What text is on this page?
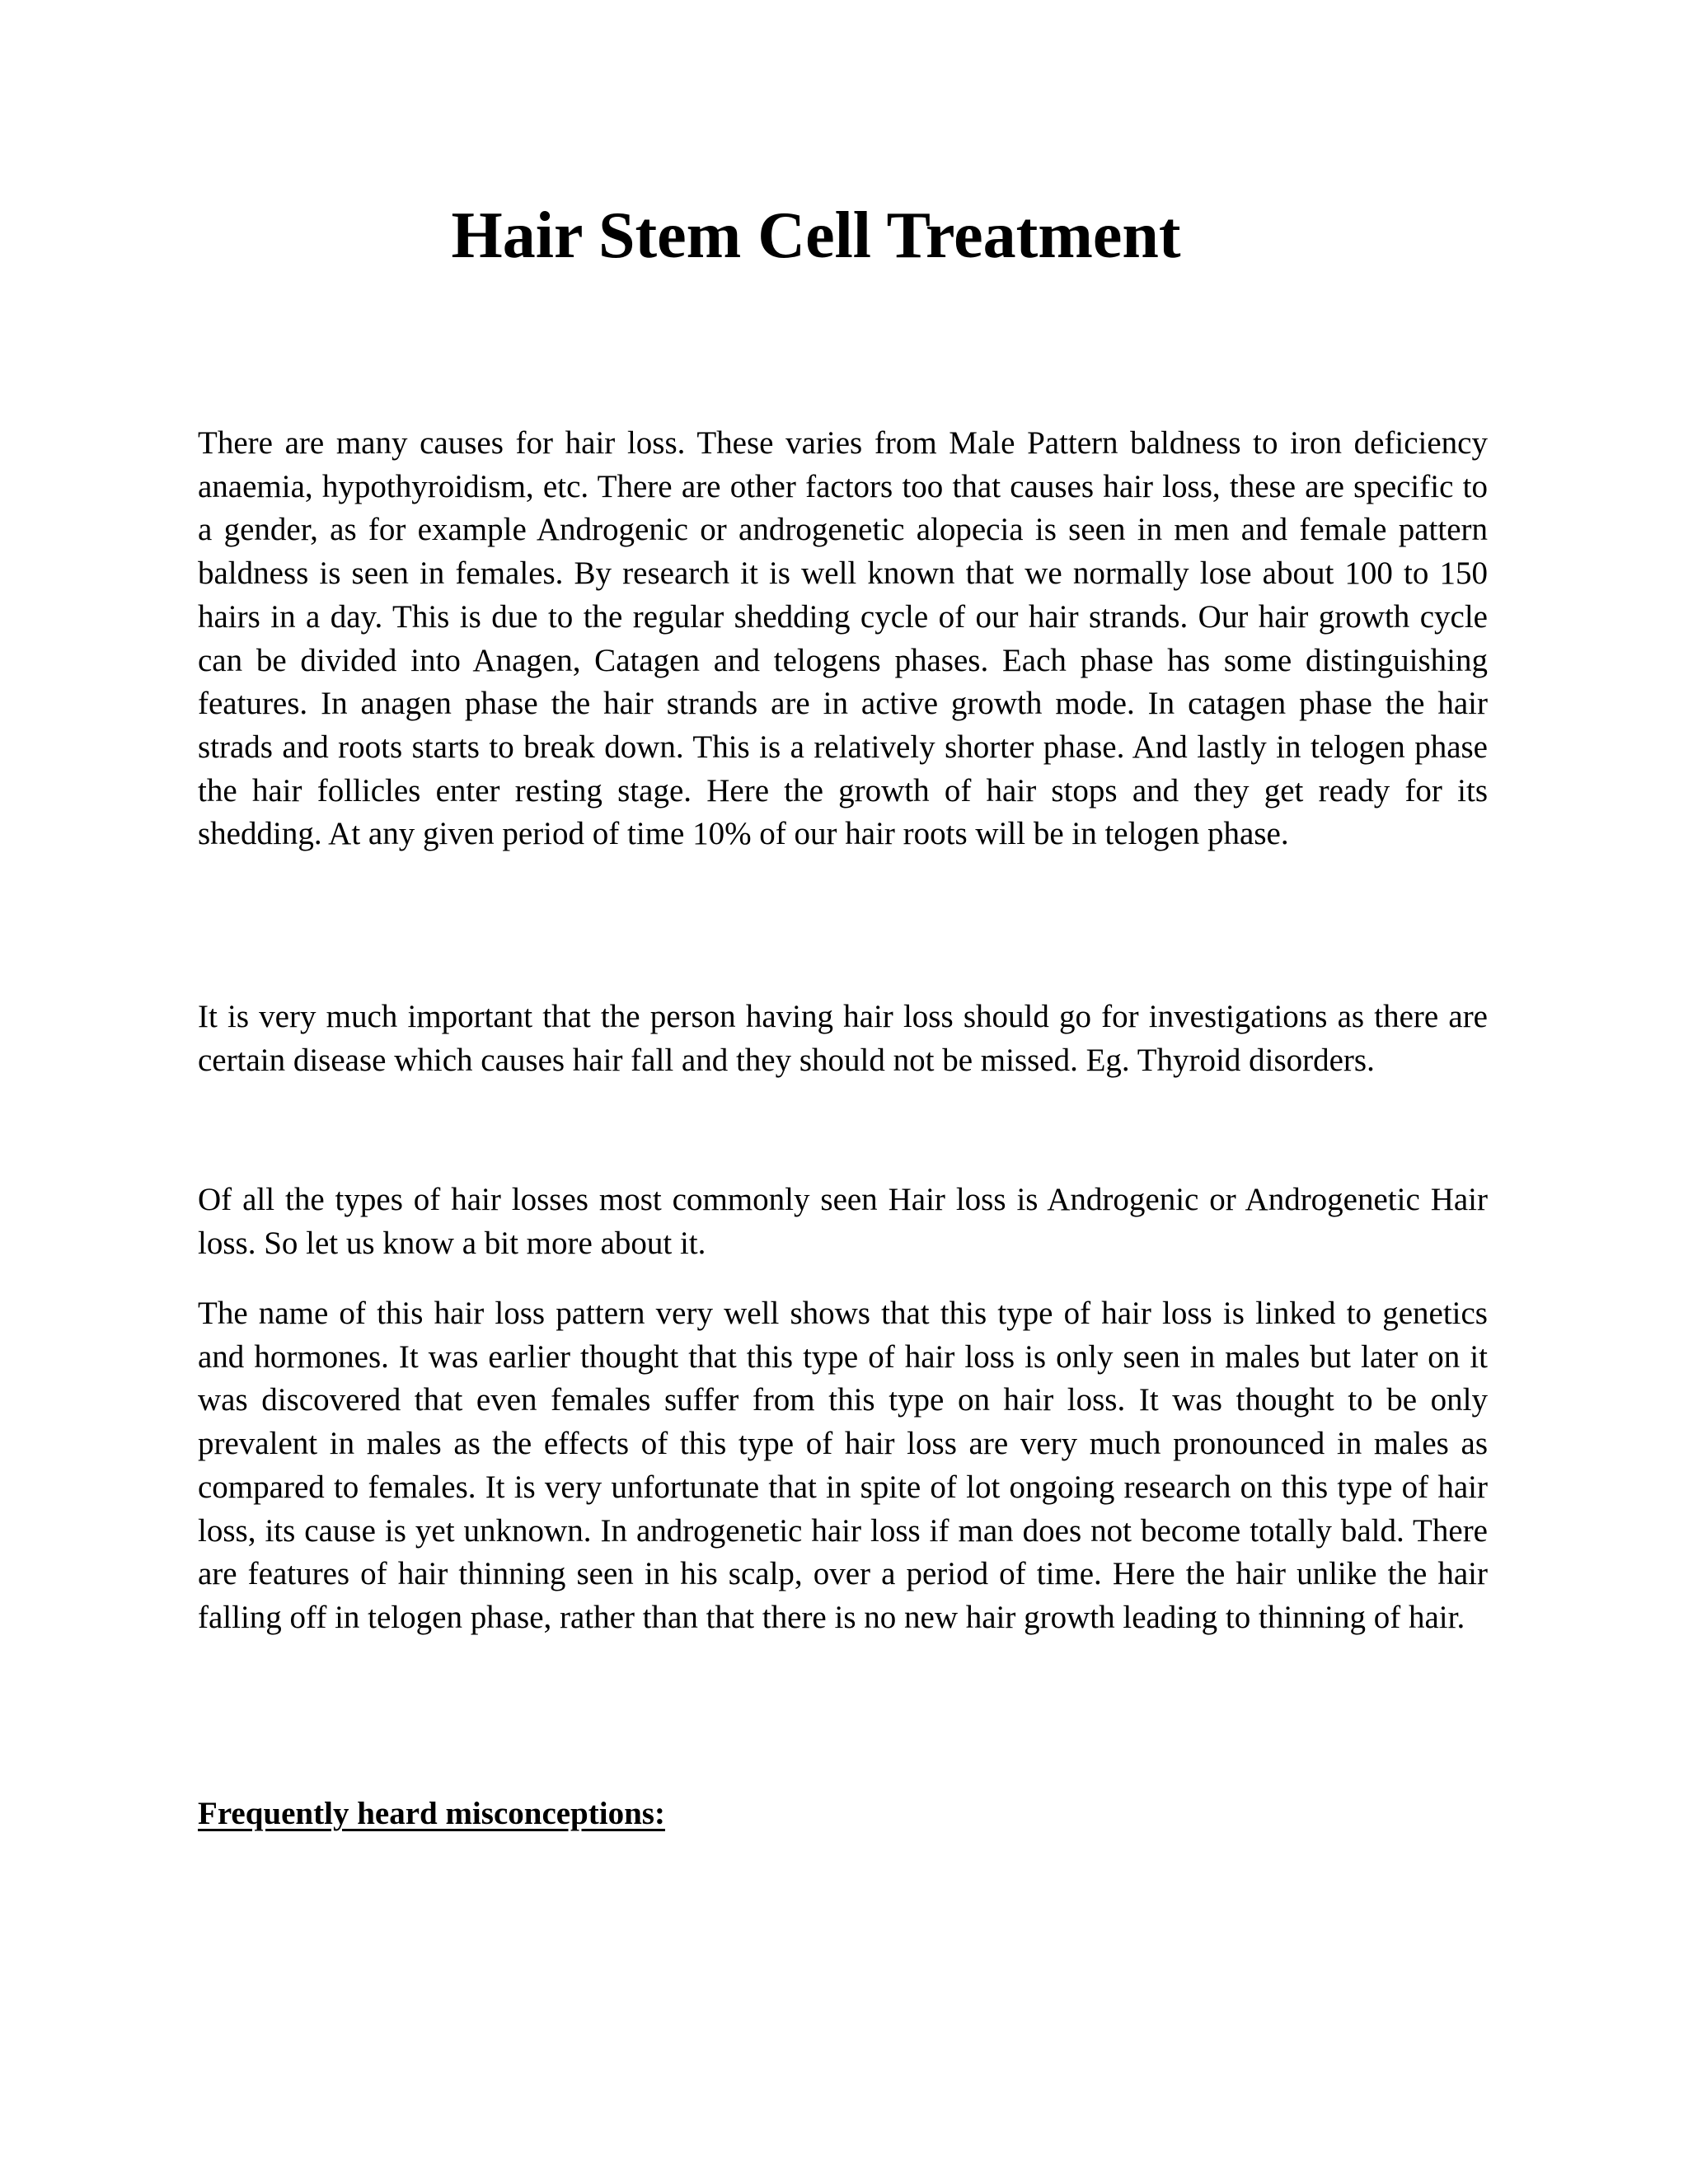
Hair Stem Cell Treatment

There are many causes for hair loss. These varies from Male Pattern baldness to iron deficiency anaemia, hypothyroidism, etc. There are other factors too that causes hair loss, these are specific to a gender, as for example Androgenic or androgenetic alopecia is seen in men and female pattern baldness is seen in females. By research it is well known that we normally lose about 100 to 150 hairs in a day. This is due to the regular shedding cycle of our hair strands. Our hair growth cycle can be divided into Anagen, Catagen and telogens phases. Each phase has some distinguishing features. In anagen phase the hair strands are in active growth mode. In catagen phase the hair strads and roots starts to break down. This is a relatively shorter phase. And lastly in telogen phase the hair follicles enter resting stage. Here the growth of hair stops and they get ready for its shedding. At any given period of time 10% of our hair roots will be in telogen phase.

It is very much important that the person having hair loss should go for investigations as there are certain disease which causes hair fall and they should not be missed. Eg. Thyroid disorders.

Of all the types of hair losses most commonly seen Hair loss is Androgenic or Androgenetic Hair loss. So let us know a bit more about it.

The name of this hair loss pattern very well shows that this type of hair loss is linked to genetics and hormones. It was earlier thought that this type of hair loss is only seen in males but later on it was discovered that even females suffer from this type on hair loss. It was thought to be only prevalent in males as the effects of this type of hair loss are very much pronounced in males as compared to females. It is very unfortunate that in spite of lot ongoing research on this type of hair loss, its cause is yet unknown. In androgenetic hair loss if man does not become totally bald. There are features of hair thinning seen in his scalp, over a period of time. Here the hair unlike the hair falling off in telogen phase, rather than that there is no new hair growth leading to thinning of hair.

Frequently heard misconceptions:
